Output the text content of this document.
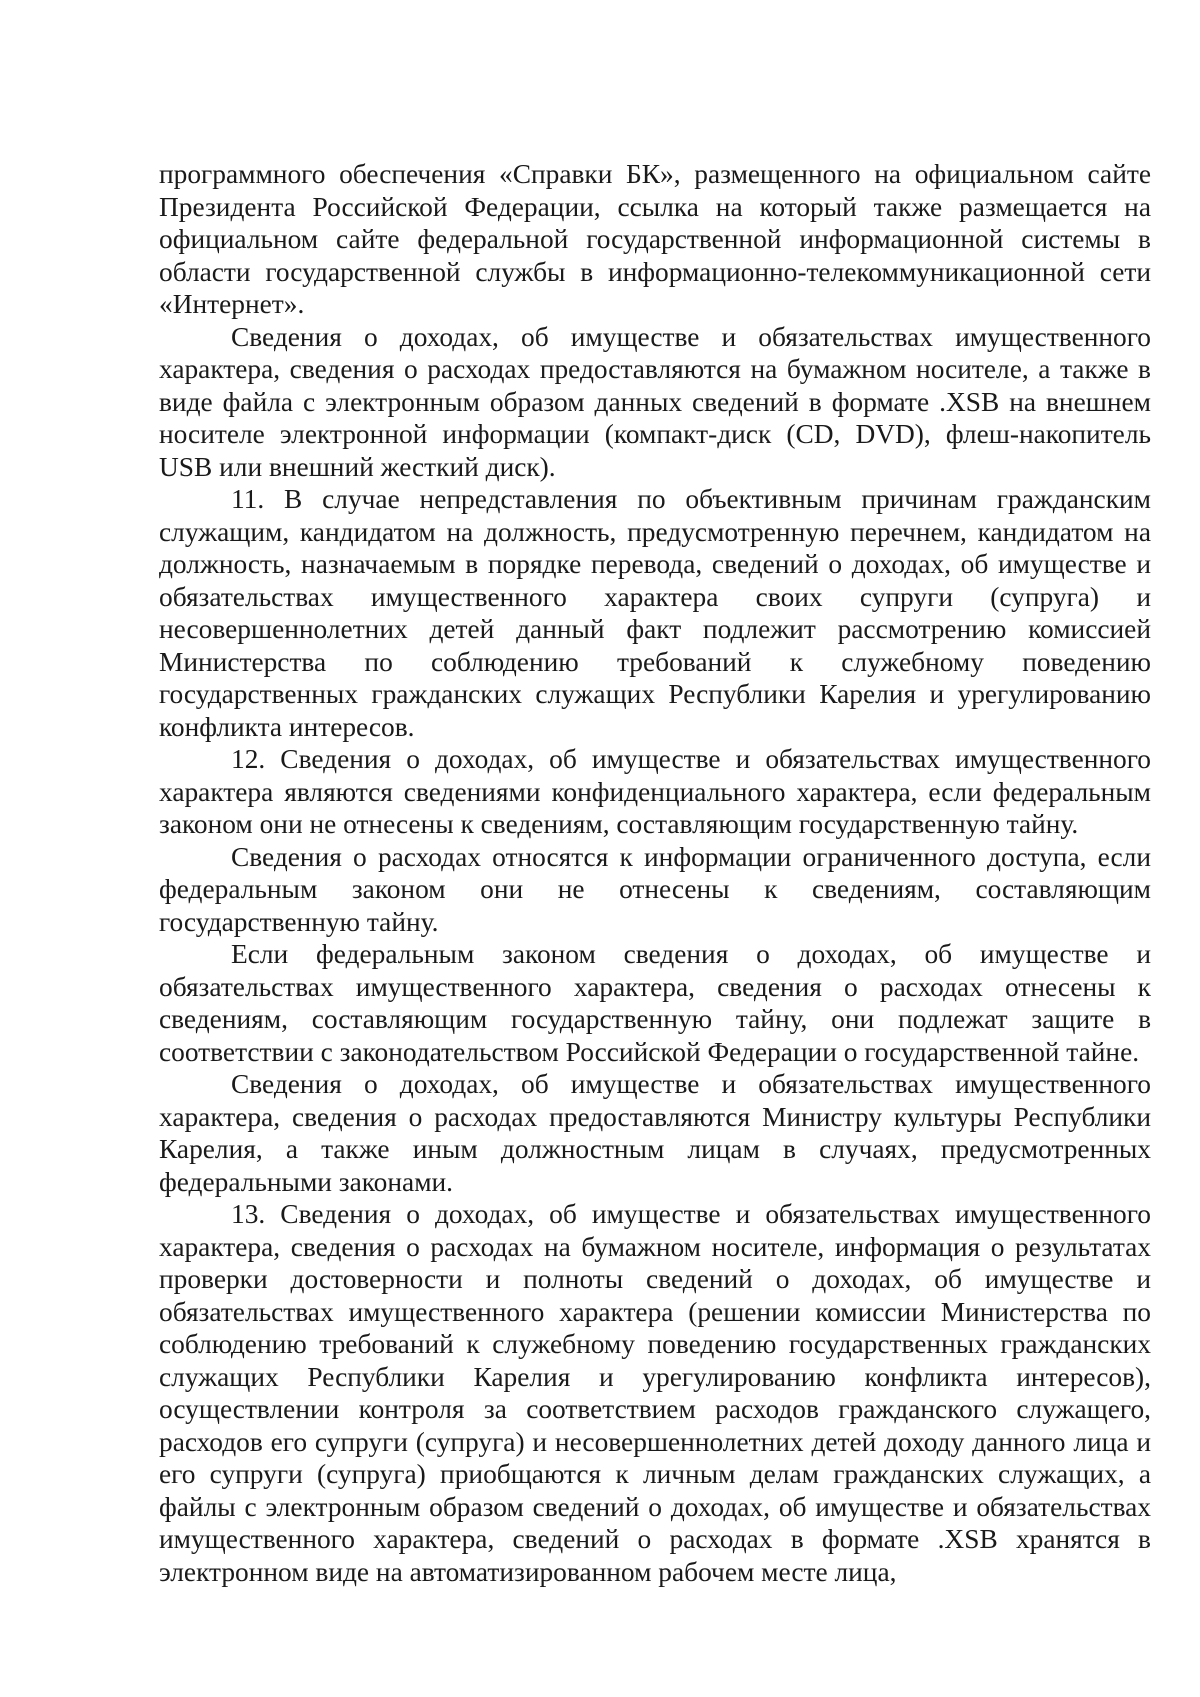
программного обеспечения «Справки БК», размещенного на официальном сайте Президента Российской Федерации, ссылка на который также размещается на официальном сайте федеральной государственной информационной системы в области государственной службы в информационно-телекоммуникационной сети «Интернет».

Сведения о доходах, об имуществе и обязательствах имущественного характера, сведения о расходах предоставляются на бумажном носителе, а также в виде файла с электронным образом данных сведений в формате .XSB на внешнем носителе электронной информации (компакт-диск (CD, DVD), флеш-накопитель USB или внешний жесткий диск).

11. В случае непредставления по объективным причинам гражданским служащим, кандидатом на должность, предусмотренную перечнем, кандидатом на должность, назначаемым в порядке перевода, сведений о доходах, об имуществе и обязательствах имущественного характера своих супруги (супруга) и несовершеннолетних детей данный факт подлежит рассмотрению комиссией Министерства по соблюдению требований к служебному поведению государственных гражданских служащих Республики Карелия и урегулированию конфликта интересов.

12. Сведения о доходах, об имуществе и обязательствах имущественного характера являются сведениями конфиденциального характера, если федеральным законом они не отнесены к сведениям, составляющим государственную тайну.

Сведения о расходах относятся к информации ограниченного доступа, если федеральным законом они не отнесены к сведениям, составляющим государственную тайну.

Если федеральным законом сведения о доходах, об имуществе и обязательствах имущественного характера, сведения о расходах отнесены к сведениям, составляющим государственную тайну, они подлежат защите в соответствии с законодательством Российской Федерации о государственной тайне.

Сведения о доходах, об имуществе и обязательствах имущественного характера, сведения о расходах предоставляются Министру культуры Республики Карелия, а также иным должностным лицам в случаях, предусмотренных федеральными законами.

13. Сведения о доходах, об имуществе и обязательствах имущественного характера, сведения о расходах на бумажном носителе, информация о результатах проверки достоверности и полноты сведений о доходах, об имуществе и обязательствах имущественного характера (решении комиссии Министерства по соблюдению требований к служебному поведению государственных гражданских служащих Республики Карелия и урегулированию конфликта интересов), осуществлении контроля за соответствием расходов гражданского служащего, расходов его супруги (супруга) и несовершеннолетних детей доходу данного лица и его супруги (супруга) приобщаются к личным делам гражданских служащих, а файлы с электронным образом сведений о доходах, об имуществе и обязательствах имущественного характера, сведений о расходах в формате .XSB хранятся в электронном виде на автоматизированном рабочем месте лица,
